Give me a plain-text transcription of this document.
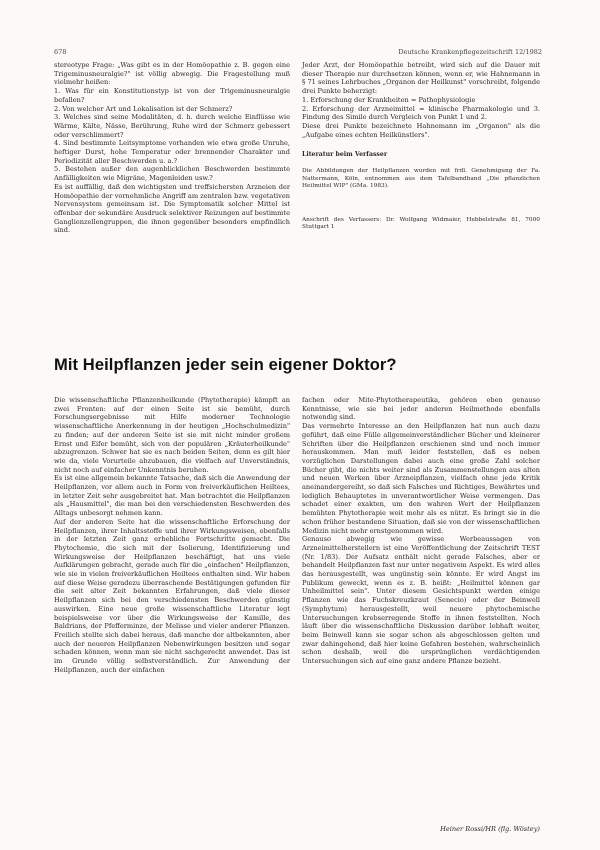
678	Deutsche Krankenpflegezeitschrift 12/1982

stereotype Frage: „Was gibt es in der Homöopathie z. B. gegen eine Trigeminusneuralgie?" ist völlig abwegig. Die Fragestellung muß vielmehr heißen:

1. Was für ein Konstitutionstyp ist von der Trigeminusneuralgie befallen?

2. Von welcher Art und Lokalisation ist der Schmerz?

3. Welches sind seine Modalitäten, d. h. durch welche Einflüsse wie Wärme, Kälte, Nässe, Berührung, Ruhe wird der Schmerz gebessert oder verschlimmert?

4. Sind bestimmte Leitsymptome vorhanden wie etwa große Unruhe, heftiger Durst, hohe Temperatur oder brennender Charakter und Periodizität aller Beschwerden u. a.?

5. Bestehen außer den augenblicklichen Beschwerden bestimmte Anfälligkeiten wie Migräne, Magenleiden usw.?

Es ist auffällig, daß den wichtigsten und treffsichersten Arzneien der Homöopathie der vornehmliche Angriff am zentralen bzw. vegetativen Nervensystem gemeinsam ist. Die Symptomatik solcher Mittel ist offenbar der sekundäre Ausdruck selektiver Reizungen auf bestimmte Ganglienzellengruppen, die ihnen gegenüber besonders empfindlich sind.

Jeder Arzt, der Homöopathie betreibt, wird sich auf die Dauer mit dieser Therapie nur durchsetzen können, wenn er, wie Hahnemann in § 71 seines Lehrbuches „Organon der Heilkunst" vorschreibt, folgende drei Punkte beherzigt:

1. Erforschung der Krankheiten = Pathophysiologie

2. Erforschung der Arzneimittel = klinische Pharmakologie und 3. Findung des Simile durch Vergleich von Punkt 1 und 2.

Diese drei Punkte bezeichnete Hahnemann im „Organon" als die „Aufgabe eines echten Heilkünstlers".

Literatur beim Verfasser

Die Abbildungen der Heilpflanzen wurden mit frdl. Genehmigung der Fa. Nattermann, Köln, entnommen aus dem Tafelbandband „Die pflanzlichen Heilmittel WIP" (GMa. 1983).

Anschrift des Verfassers: Dr. Wolfgang Widmaier, Hebbelstraße 81, 7000 Stuttgart 1

Mit Heilpflanzen jeder sein eigener Doktor?

Die wissenschaftliche Pflanzenheilkunde (Phytotherapie) kämpft an zwei Fronten: auf der einen Seite ist sie bemüht, durch Forschungsergebnisse mit Hilfe moderner Technologie wissenschaftliche Anerkennung in der heutigen „Hochschulmedizin" zu finden; auf der anderen Seite ist sie mit nicht minder großem Ernst und Eifer bemüht, sich von der populären „Kräuterheilkunde" abzugrenzen. Schwer hat sie es nach beiden Seiten, denn es gilt hier wie da, viele Vorurteile abzubauen, die vielfach auf Unverständnis, nicht noch auf einfacher Unkenntnis beruhen.

Es ist eine allgemein bekannte Tatsache, daß sich die Anwendung der Heilpflanzen, vor allem auch in Form von freiverkäuflichen Heiltees, in letzter Zeit sehr ausgebreitet hat. Man betrachtet die Heilpflanzen als „Hausmittel", die man bei den verschiedensten Beschwerden des Alltags unbesorgt nehmen kann.

Auf der anderen Seite hat die wissenschaftliche Erforschung der Heilpflanzen, ihrer Inhaltsstoffe und ihrer Wirkungsweisen, ebenfalls in der letzten Zeit ganz erhebliche Fortschritte gemacht. Die Phytochemie, die sich mit der Isolierung, Identifizierung und Wirkungsweise der Heilpflanzen beschäftigt, hat uns viele Aufklärungen gebracht, gerade auch für die „einfachen" Heilpflanzen, wie sie in vielen freiverkäuflichen Heiltees enthalten sind. Wir haben auf diese Weise geradezu überraschende Bestätigungen gefunden für die seit alter Zeit bekannten Erfahrungen, daß viele dieser Heilpflanzen sich bei den verschiedensten Beschwerden günstig auswirken. Eine neue große wissenschaftliche Literatur legt beispielsweise vor über die Wirkungsweise der Kamille, des Baldrians, der Pfefferminze, der Melisse und vieler anderer Pflanzen. Freilich stellte sich dabei heraus, daß manche der altbekannten, aber auch der neueren Heilpflanzen Nebenwirkungen besitzen und sogar schaden können, wenn man sie nicht sachgerecht anwendet. Das ist im Grunde völlig selbstverständlich. Zur Anwendung der Heilpflanzen, auch der einfachen

fachen oder Mite-Phytotherapeutika, gehören eben genauso Kenntnisse, wie sie bei jeder anderen Heilmethode ebenfalls notwendig sind.

Das vermehrte Interesse an den Heilpflanzen hat nun auch dazu geführt, daß eine Fülle allgemeinverständlicher Bücher und kleinerer Schriften über die Heilpflanzen erschienen sind und noch immer herauskommen. Man muß leider feststellen, daß es neben vorzüglichen Darstellungen dabei auch eine große Zahl solcher Bücher gibt, die nichts weiter sind als Zusammenstellungen aus alten und neuen Werken über Arzneipflanzen, vielfach ohne jede Kritik aneinandergereiht, so daß sich Falsches und Richtiges, Bewährtes und lediglich Behauptetes in unverantwortlicher Weise vermengen. Das schadet einer exakten, um den wahren Wert der Heilpflanzen bemühten Phytotherapie weit mehr als es nützt. Es bringt sie in die schon früher bestandene Situation, daß sie von der wissenschaftlichen Medizin nicht mehr ernstgenommen wird.

Genauso abwegig wie gewisse Werbeaussagen von Arzneimittelherstellern ist eine Veröffentlichung der Zeitschrift TEST (Nr. 1/83). Der Aufsatz enthält nicht gerade Falsches, aber er behandelt Heilpflanzen fast nur unter negativem Aspekt. Es wird alles das herausgestellt, was ungünstig sein könnte. Er wird Angst im Publikum geweckt, wenn es z. B. heißt: „Heilmittel können gar Unheilmittel sein". Unter diesem Gesichtspunkt werden einige Pflanzen wie das Fuchskreuzkraut (Senecio) oder der Beinwell (Symphytum) herausgestellt, weil neuere phytochemische Untersuchungen krebserregende Stoffe in ihnen feststellten. Noch läuft über die wissenschaftliche Diskussion darüber lebhaft weiter, beim Beinwell kann sie sogar schon als abgeschlossen gelten und zwar dahingehend, daß hier keine Gefahren bestehen, wahrscheinlich schon deshalb, weil die ursprünglichen verdächtigenden Untersuchungen sich auf eine ganz andere Pflanze bezieht.

Heiner Rossi/HR (flg. Wöstey)
